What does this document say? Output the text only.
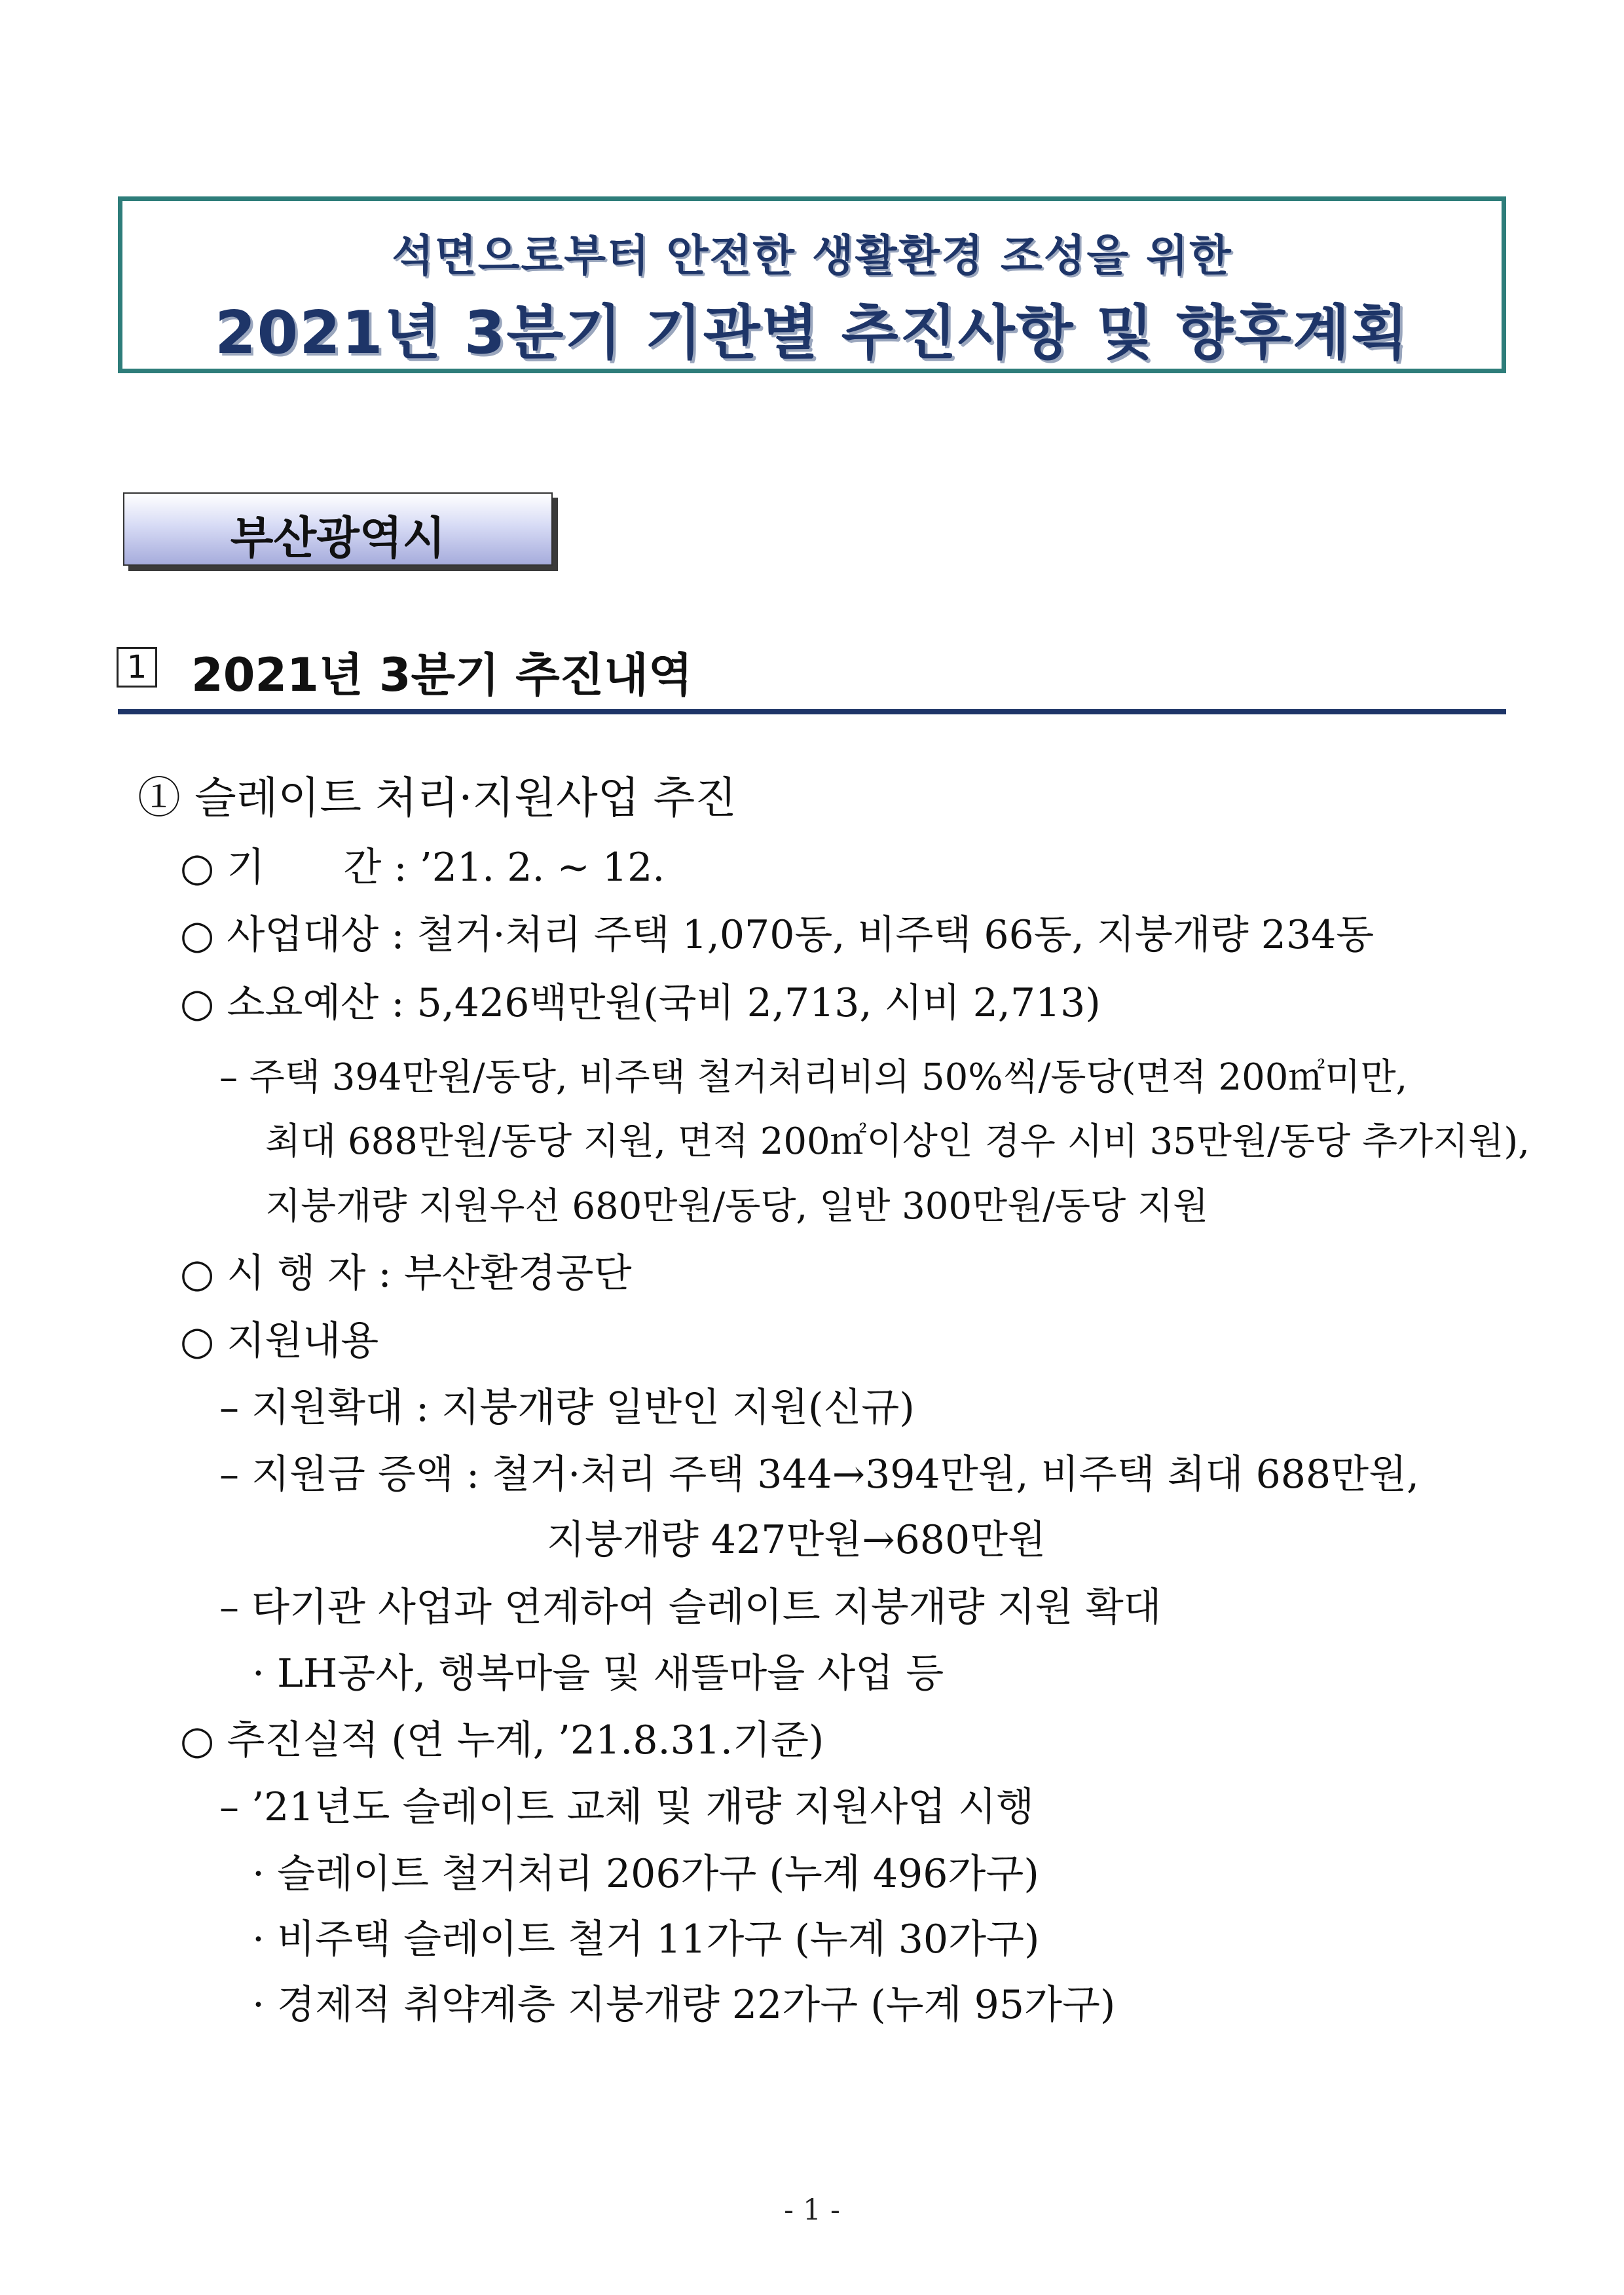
석면으로부터 안전한 생활환경 조성을 위한
2021년 3분기 기관별 추진사항 및 향후계획
부산광역시
1 2021년 3분기 추진내역
① 슬레이트 처리·지원사업 추진
○ 기　　간 : ’21. 2. ~ 12.
○ 사업대상 : 철거·처리 주택 1,070동, 비주택 66동, 지붕개량 234동
○ 소요예산 : 5,426백만원(국비 2,713, 시비 2,713)
– 주택 394만원/동당, 비주택 철거처리비의 50%씩/동당(면적 200㎡미만,
최대 688만원/동당 지원, 면적 200㎡이상인 경우 시비 35만원/동당 추가지원),
지붕개량 지원우선 680만원/동당, 일반 300만원/동당 지원
○ 시 행 자 : 부산환경공단
○ 지원내용
– 지원확대 : 지붕개량 일반인 지원(신규)
– 지원금 증액 : 철거·처리 주택 344→394만원, 비주택 최대 688만원,
지붕개량 427만원→680만원
– 타기관 사업과 연계하여 슬레이트 지붕개량 지원 확대
· LH공사, 행복마을 및 새뜰마을 사업 등
○ 추진실적 (연 누계, ’21.8.31.기준)
– ’21년도 슬레이트 교체 및 개량 지원사업 시행
· 슬레이트 철거처리 206가구 (누계 496가구)
· 비주택 슬레이트 철거 11가구 (누계 30가구)
· 경제적 취약계층 지붕개량 22가구 (누계 95가구)
- 1 -
